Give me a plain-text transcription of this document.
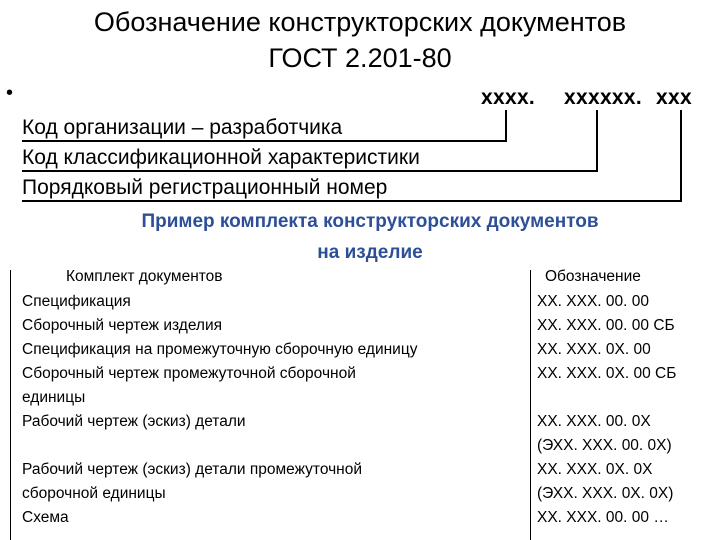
Обозначение конструкторских документов
ГОСТ 2.201-80
•	хххх. хххххх. ххх
Код организации – разработчика
Код классификационной характеристики
Порядковый регистрационный номер
Пример комплекта конструкторских документов
на изделие
Комплект документов	Обозначение
Спецификация
Сборочный чертеж изделия
Спецификация на промежуточную сборочную единицу
Сборочный чертеж промежуточной сборочной
единицы
Рабочий чертеж (эскиз) детали
Рабочий чертеж (эскиз) детали промежуточной
сборочной единицы
Схема
ХХ. ХХХ. 00. 00
ХХ. ХХХ. 00. 00 СБ
ХХ. ХХХ. 0Х. 00
ХХ. ХХХ. 0Х. 00 СБ
ХХ. ХХХ. 00. 0Х
(ЭХХ. ХХХ. 00. 0Х)
ХХ. ХХХ. 0Х. 0Х
(ЭХХ. ХХХ. 0Х. 0Х)
ХХ. ХХХ. 00. 00 …
